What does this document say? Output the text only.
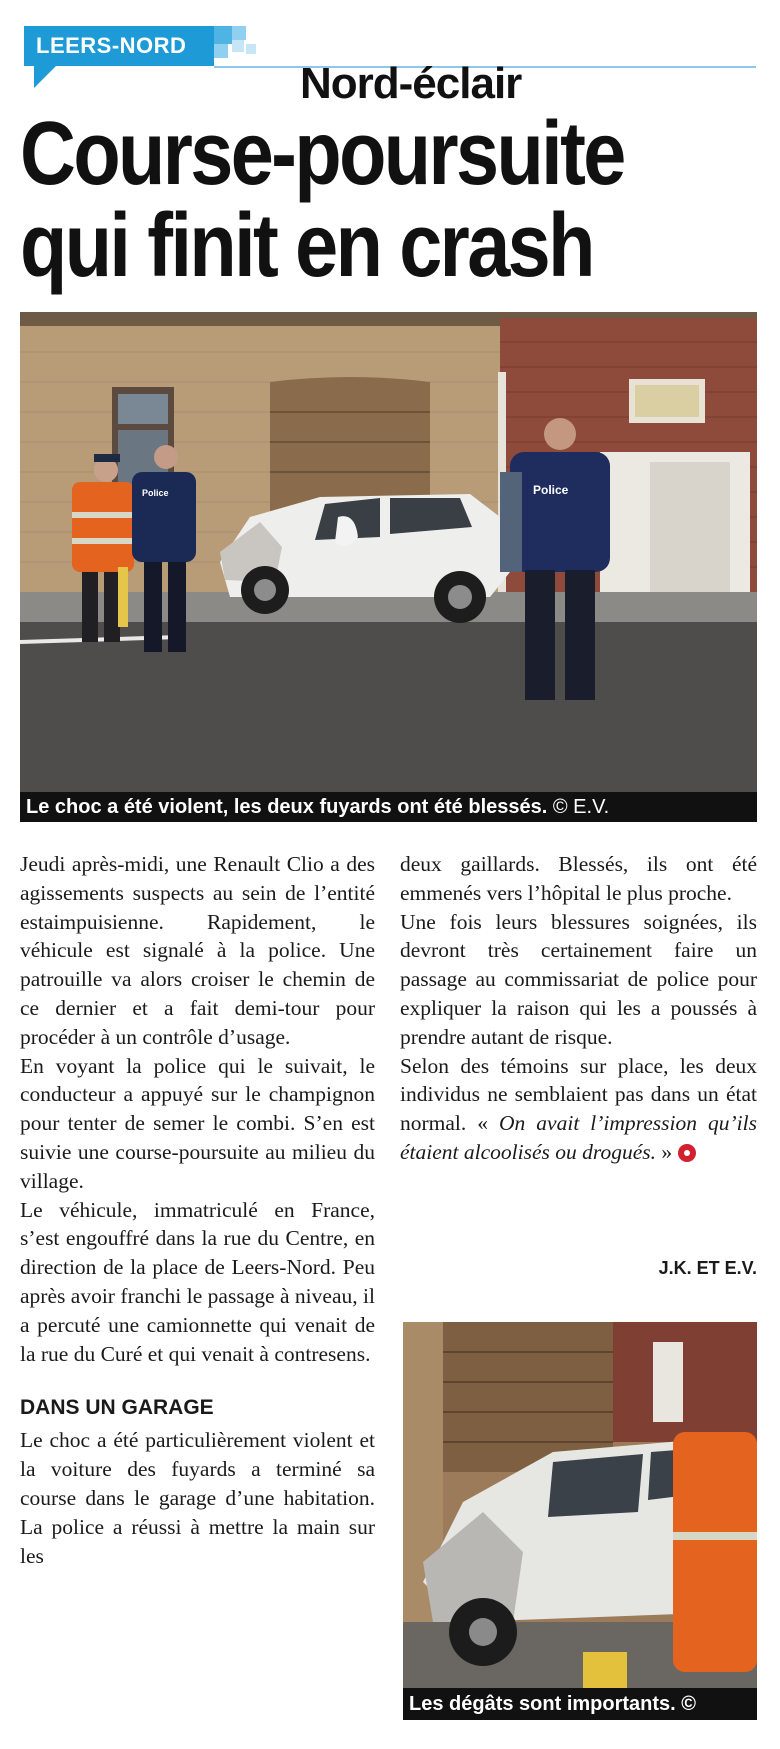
LEERS-NORD
Nord-éclair
Course-poursuite
qui finit en crash
Police	Police
Le choc a été violent, les deux fuyards ont été blessés. © E.V.

Jeudi après-midi, une Renault Clio a des agissements suspects au sein de l’entité estaimpuisienne. Rapidement, le véhicule est signalé à la police. Une patrouille va alors croiser le chemin de ce dernier et a fait demi-tour pour procéder à un contrôle d’usage.

En voyant la police qui le suivait, le conducteur a appuyé sur le champignon pour tenter de semer le combi. S’en est suivie une course-poursuite au milieu du village.

Le véhicule, immatriculé en France, s’est engouffré dans la rue du Centre, en direction de la place de Leers-Nord. Peu après avoir franchi le passage à niveau, il a percuté une camionnette qui venait de la rue du Curé et qui venait à contresens.

DANS UN GARAGE

Le choc a été particulièrement violent et la voiture des fuyards a terminé sa course dans le garage d’une habitation. La police a réussi à mettre la main sur les

deux gaillards. Blessés, ils ont été emmenés vers l’hôpital le plus proche.

Une fois leurs blessures soignées, ils devront très certainement faire un passage au commissariat de police pour expliquer la raison qui les a poussés à prendre autant de risque.

Selon des témoins sur place, les deux individus ne semblaient pas dans un état normal. « On avait l’impression qu’ils étaient alcoolisés ou drogués. »

J.K. ET E.V.
Les dégâts sont importants. ©
